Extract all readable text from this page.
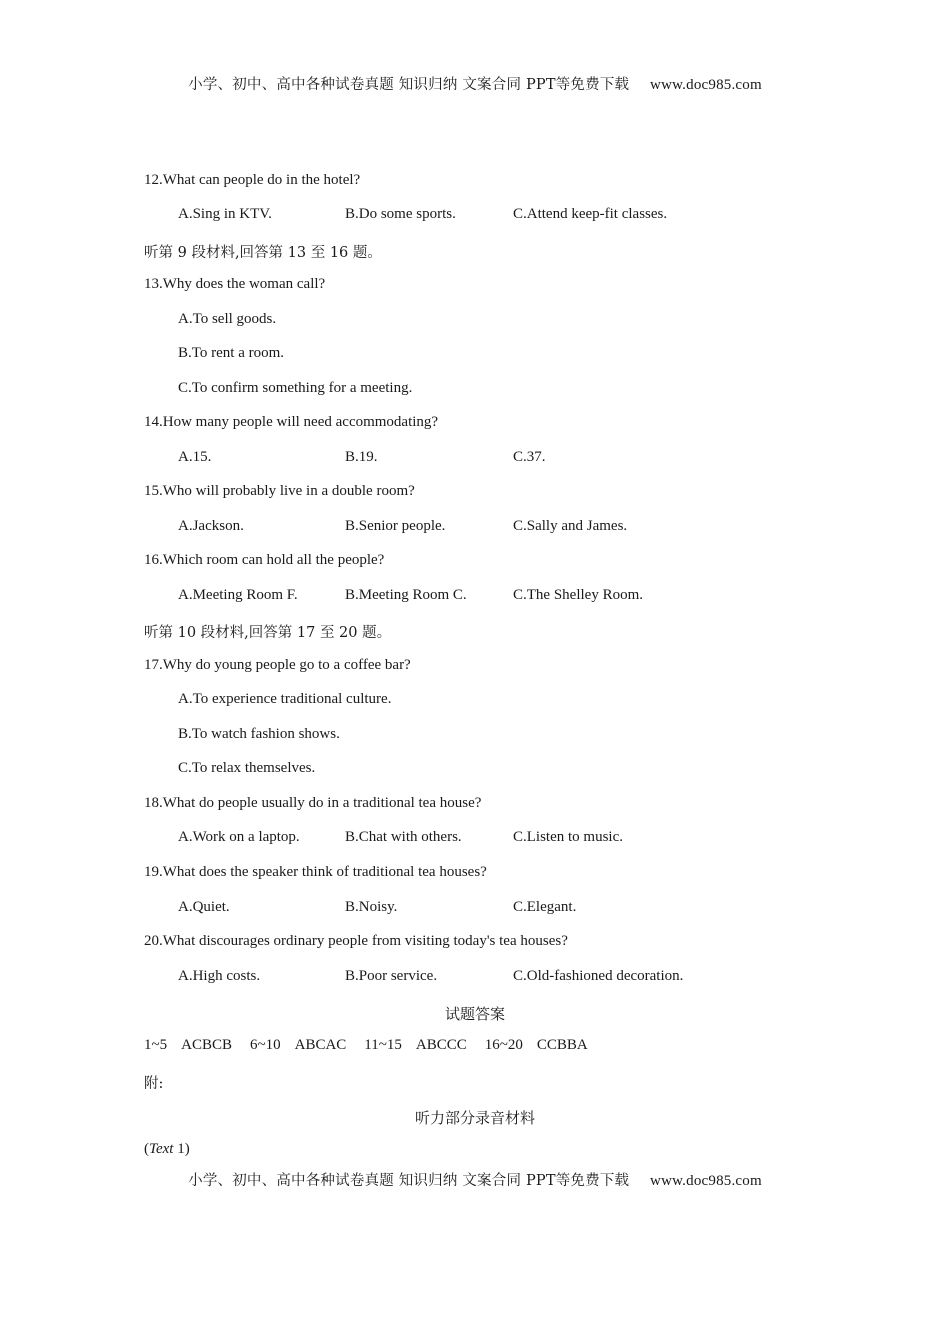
小学、初中、高中各种试卷真题 知识归纳 文案合同 PPT等免费下载 www.doc985.com
12.What can people do in the hotel?
A.Sing in KTV.	B.Do some sports.	C.Attend keep-fit classes.
听第 9 段材料,回答第 13 至 16 题。
13.Why does the woman call?
A.To sell goods.
B.To rent a room.
C.To confirm something for a meeting.
14.How many people will need accommodating?
A.15.	B.19.	C.37.
15.Who will probably live in a double room?
A.Jackson.	B.Senior people.	C.Sally and James.
16.Which room can hold all the people?
A.Meeting Room F.	B.Meeting Room C.	C.The Shelley Room.
听第 10 段材料,回答第 17 至 20 题。
17.Why do young people go to a coffee bar?
A.To experience traditional culture.
B.To watch fashion shows.
C.To relax themselves.
18.What do people usually do in a traditional tea house?
A.Work on a laptop.	B.Chat with others.	C.Listen to music.
19.What does the speaker think of traditional tea houses?
A.Quiet.	B.Noisy.	C.Elegant.
20.What discourages ordinary people from visiting today's tea houses?
A.High costs.	B.Poor service.	C.Old-fashioned decoration.
试题答案
1~5 ACBCB 6~10 ABCAC 11~15 ABCCC 16~20 CCBBA
附:
听力部分录音材料
(Text 1)
小学、初中、高中各种试卷真题 知识归纳 文案合同 PPT等免费下载 www.doc985.com
